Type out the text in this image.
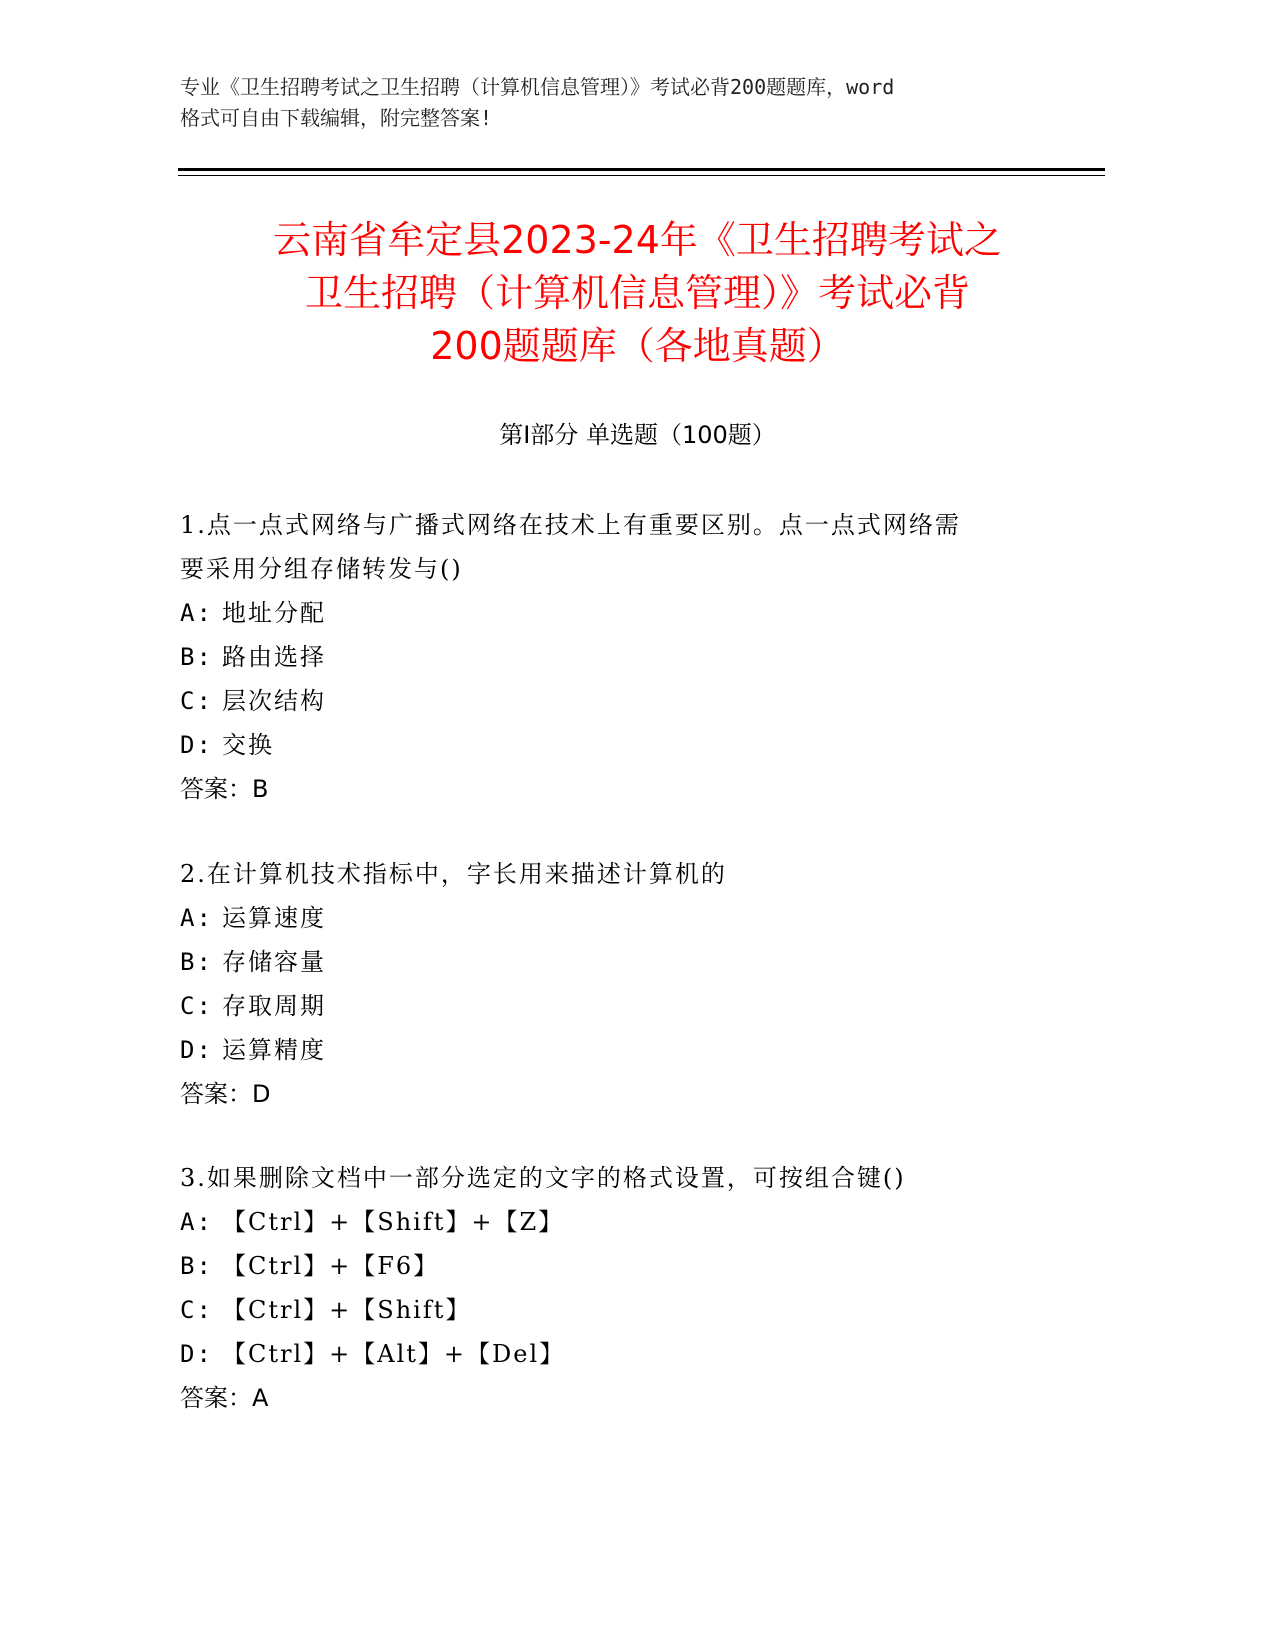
专业《卫生招聘考试之卫生招聘（计算机信息管理）》考试必背200题题库，word
格式可自由下载编辑，附完整答案!
云南省牟定县2023-24年《卫生招聘考试之
卫生招聘（计算机信息管理）》考试必背
200题题库（各地真题）
第I部分 单选题（100题）
1.点一点式网络与广播式网络在技术上有重要区别。点一点式网络需
要采用分组存储转发与()
A: 地址分配
B: 路由选择
C: 层次结构
D: 交换
答案：B
2.在计算机技术指标中，字长用来描述计算机的
A: 运算速度
B: 存储容量
C: 存取周期
D: 运算精度
答案：D
3.如果删除文档中一部分选定的文字的格式设置，可按组合键()
A: 【Ctrl】+【Shift】+【Z】
B: 【Ctrl】+【F6】
C: 【Ctrl】+【Shift】
D: 【Ctrl】+【Alt】+【Del】
答案：A
